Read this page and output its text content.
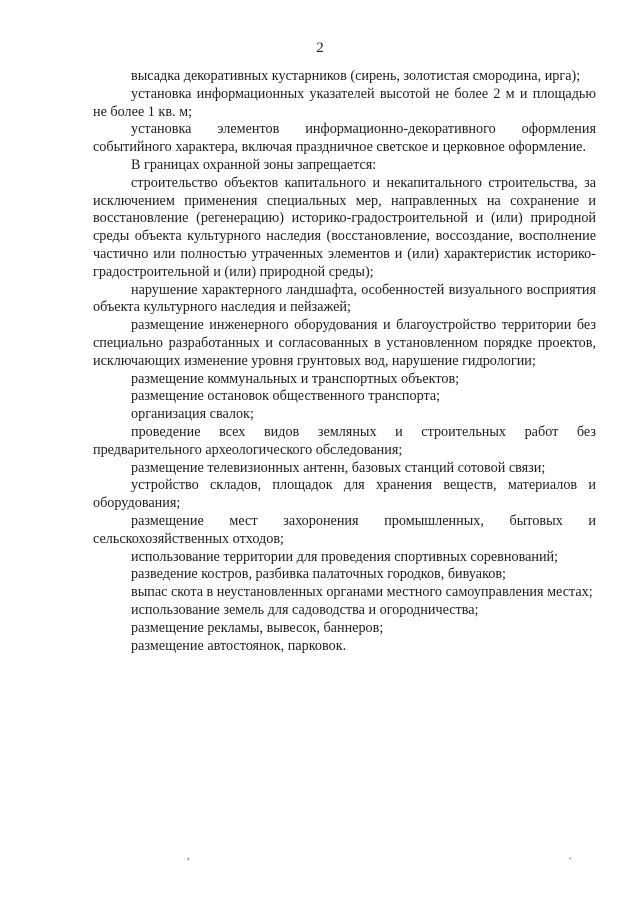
2

высадка декоративных кустарников (сирень, золотистая смородина, ирга);

установка информационных указателей высотой не более 2 м и площадью не более 1 кв. м;

установка элементов информационно-декоративного оформления событийного характера, включая праздничное светское и церковное оформление.

В границах охранной зоны запрещается:

строительство объектов капитального и некапитального строительства, за исключением применения специальных мер, направленных на сохранение и восстановление (регенерацию) историко-градостроительной и (или) природной среды объекта культурного наследия (восстановление, воссоздание, восполнение частично или полностью утраченных элементов и (или) характеристик историко-градостроительной и (или) природной среды);

нарушение характерного ландшафта, особенностей визуального восприятия объекта культурного наследия и пейзажей;

размещение инженерного оборудования и благоустройство территории без специально разработанных и согласованных в установленном порядке проектов, исключающих изменение уровня грунтовых вод, нарушение гидрологии;

размещение коммунальных и транспортных объектов;

размещение остановок общественного транспорта;

организация свалок;

проведение всех видов земляных и строительных работ без предварительного археологического обследования;

размещение телевизионных антенн, базовых станций сотовой связи;

устройство складов, площадок для хранения веществ, материалов и оборудования;

размещение мест захоронения промышленных, бытовых и сельскохозяйственных отходов;

использование территории для проведения спортивных соревнований;

разведение костров, разбивка палаточных городков, бивуаков;

выпас скота в неустановленных органами местного самоуправления местах;

использование земель для садоводства и огородничества;

размещение рекламы, вывесок, баннеров;

размещение автостоянок, парковок.

,	.
